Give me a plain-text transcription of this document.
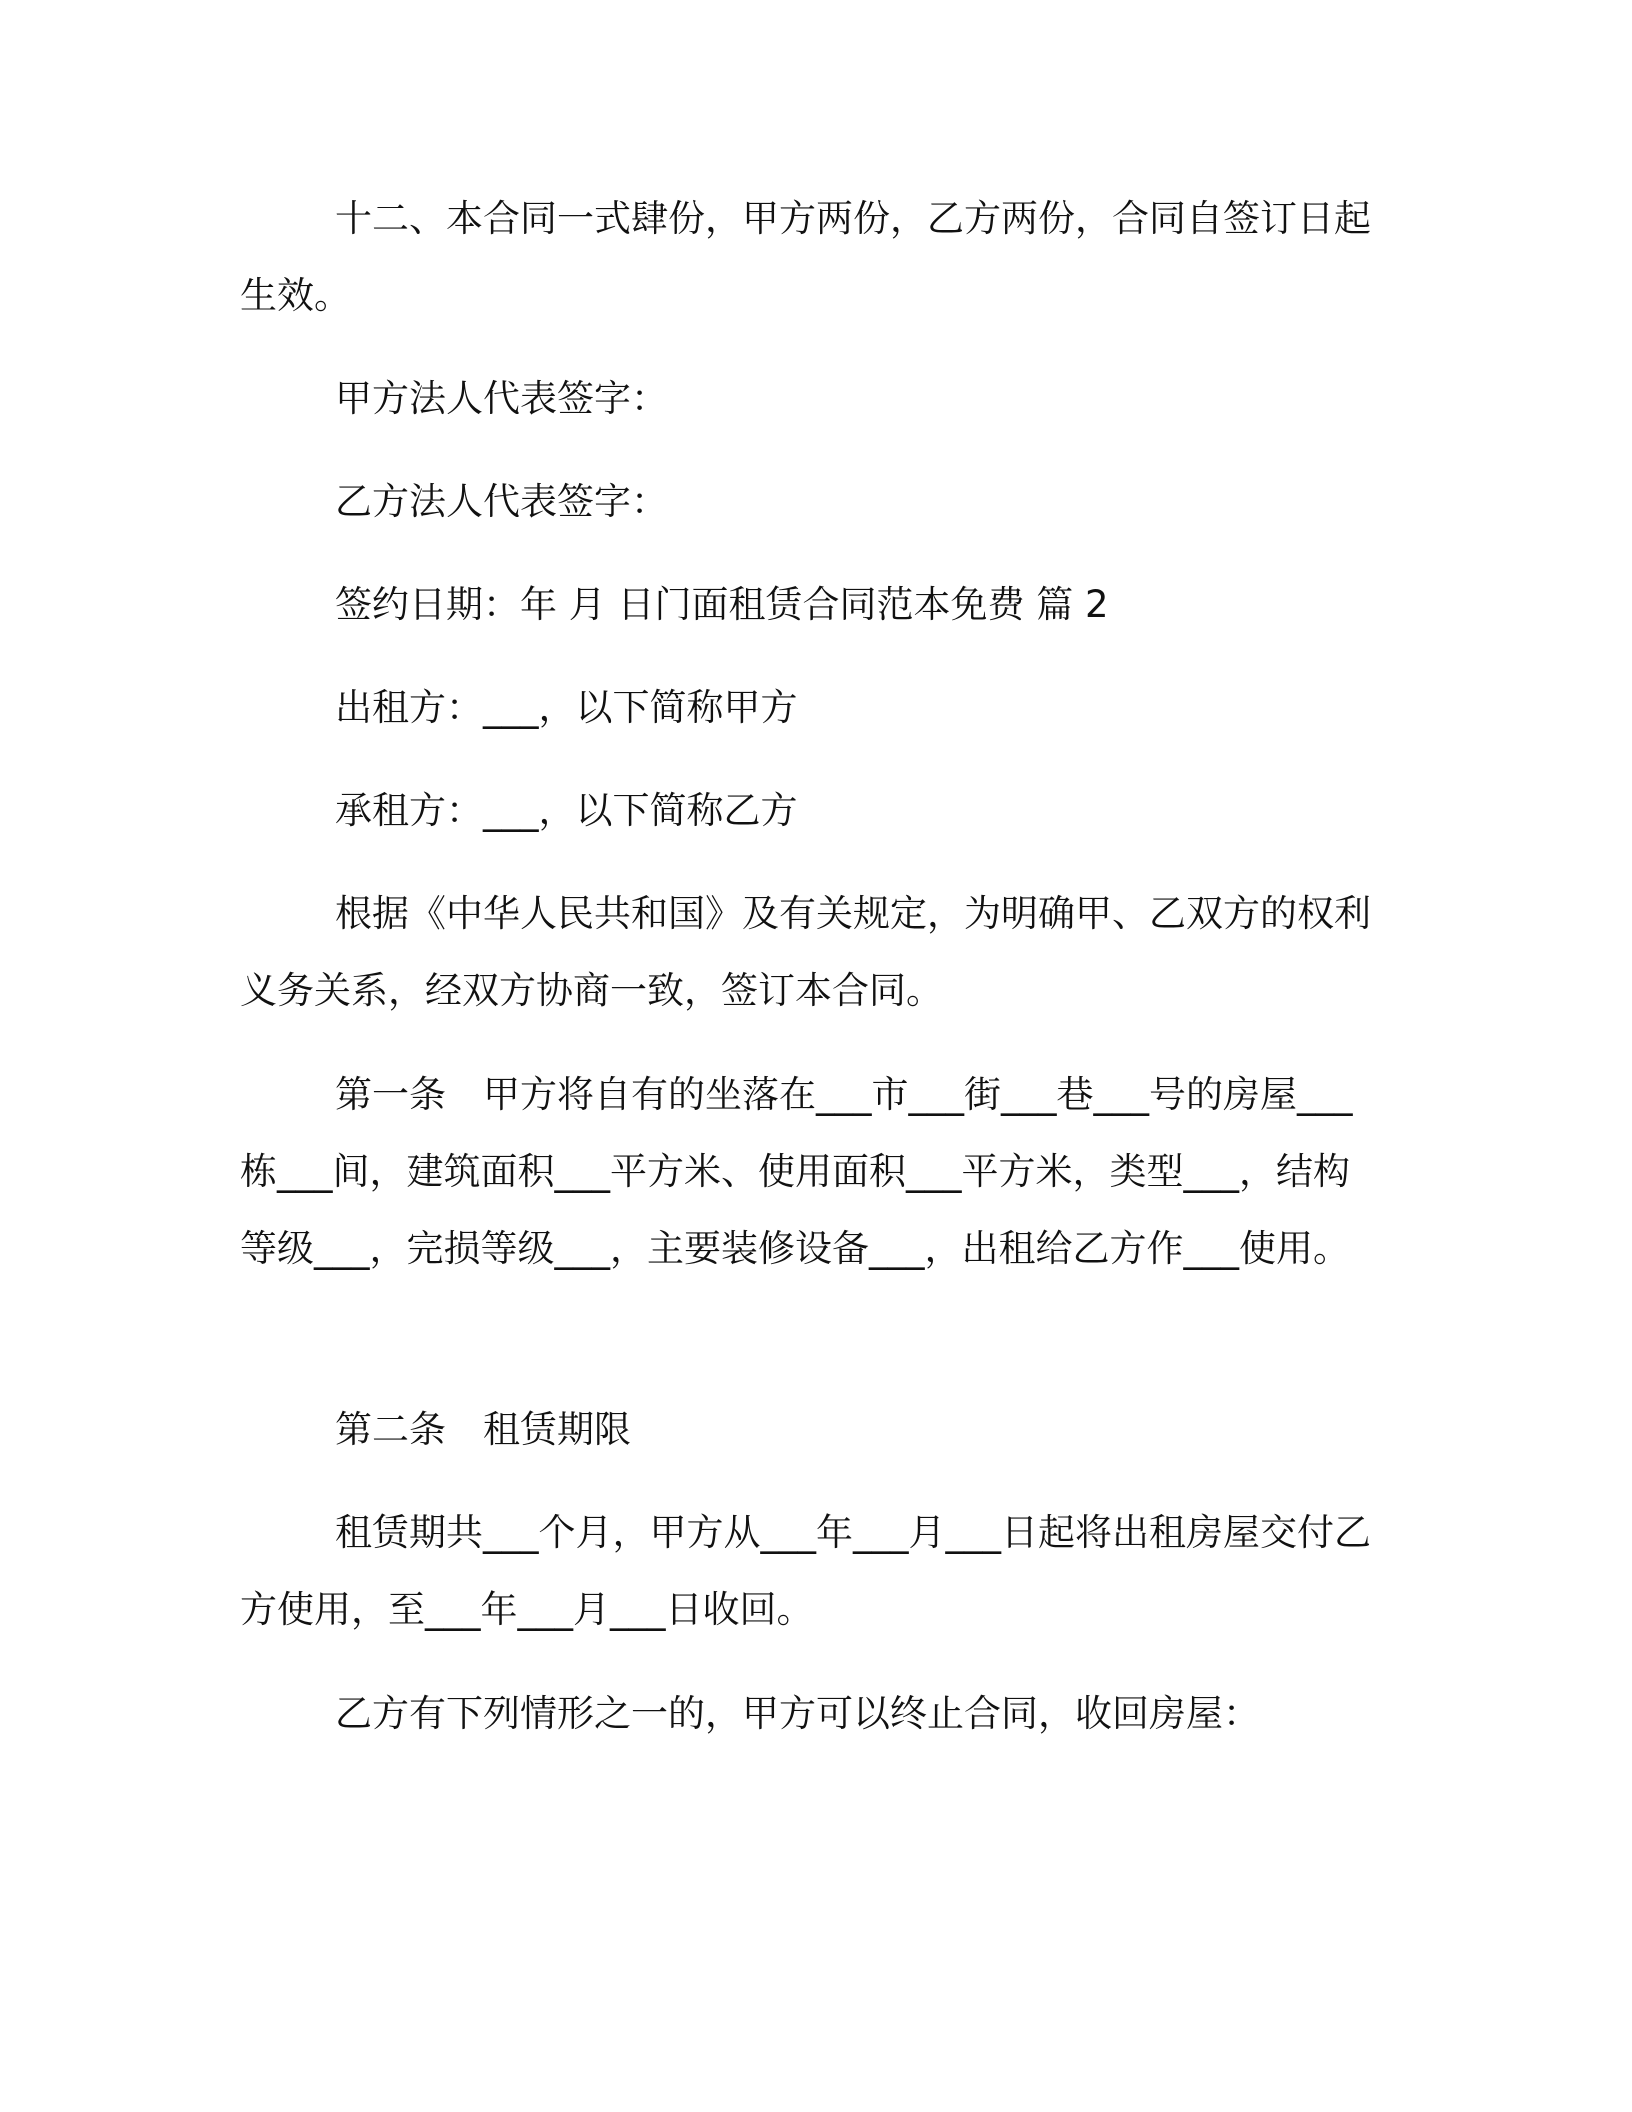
十二、本合同一式肆份，甲方两份，乙方两份，合同自签订日起生效。

甲方法人代表签字：

乙方法人代表签字：

签约日期：年 月 日门面租赁合同范本免费 篇 2

出租方：___，以下简称甲方

承租方：___，以下简称乙方

根据《中华人民共和国》及有关规定，为明确甲、乙双方的权利义务关系，经双方协商一致，签订本合同。

第一条　甲方将自有的坐落在___市___街___巷___号的房屋___栋___间，建筑面积___平方米、使用面积___平方米，类型___，结构等级___，完损等级___，主要装修设备___，出租给乙方作___使用。

第二条　租赁期限

租赁期共___个月，甲方从___年___月___日起将出租房屋交付乙方使用，至___年___月___日收回。

乙方有下列情形之一的，甲方可以终止合同，收回房屋：
